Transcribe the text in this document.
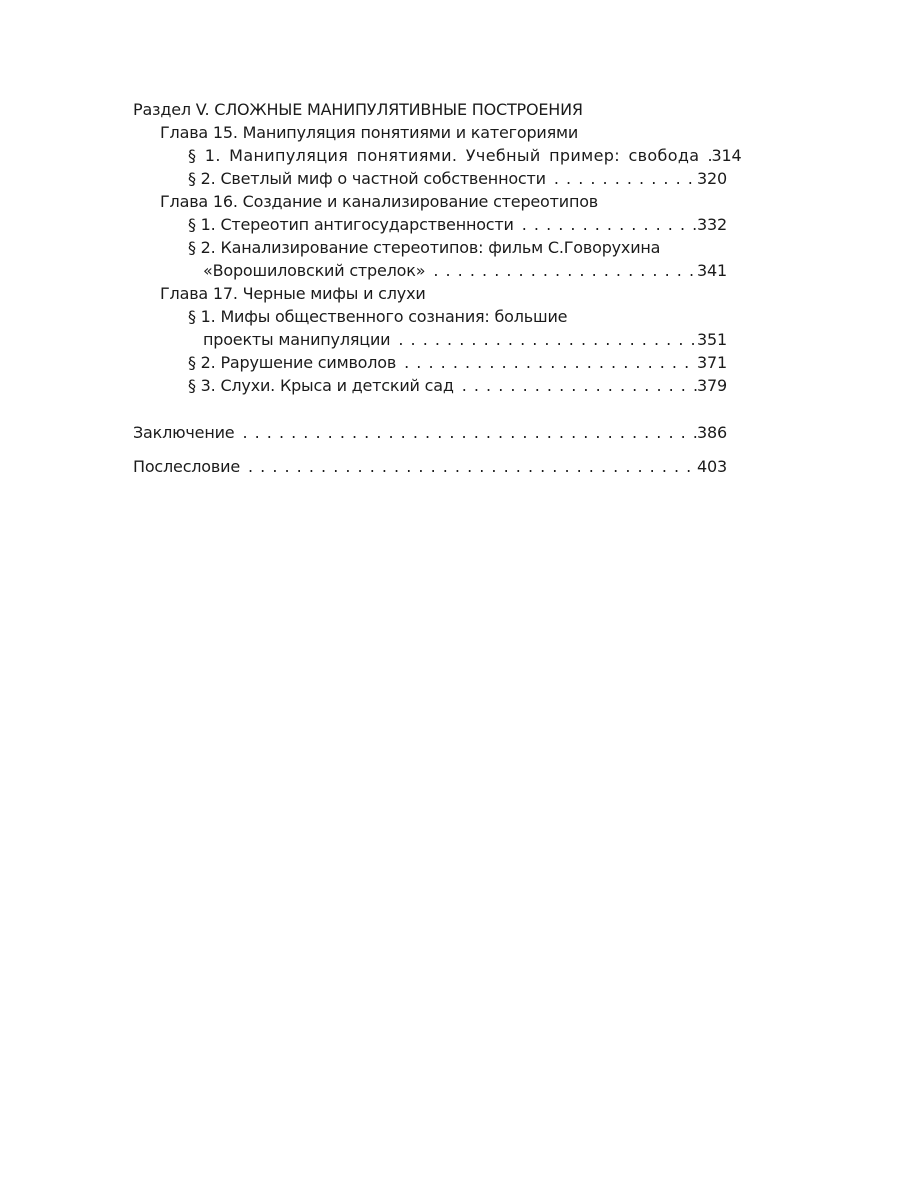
Раздел V. СЛОЖНЫЕ МАНИПУЛЯТИВНЫЕ ПОСТРОЕНИЯ
Глава 15. Манипуляция понятиями и категориями
§ 1. Манипуляция понятиями. Учебный пример: свобода . . . 314
§ 2. Светлый миф о частной собственности . . .	320
Глава 16. Создание и канализирование стереотипов
§ 1. Стереотип антигосударственности . . .	332
§ 2. Канализирование стереотипов: фильм С.Говорухина
«Ворошиловский стрелок» . . .	341
Глава 17. Черные мифы и слухи
§ 1. Мифы общественного сознания: большие
проекты манипуляции . . .	351
§ 2. Рарушение символов . . .	371
§ 3. Слухи. Крыса и детский сад . . .	379
Заключение . . .	386
Послесловие . . .	403
